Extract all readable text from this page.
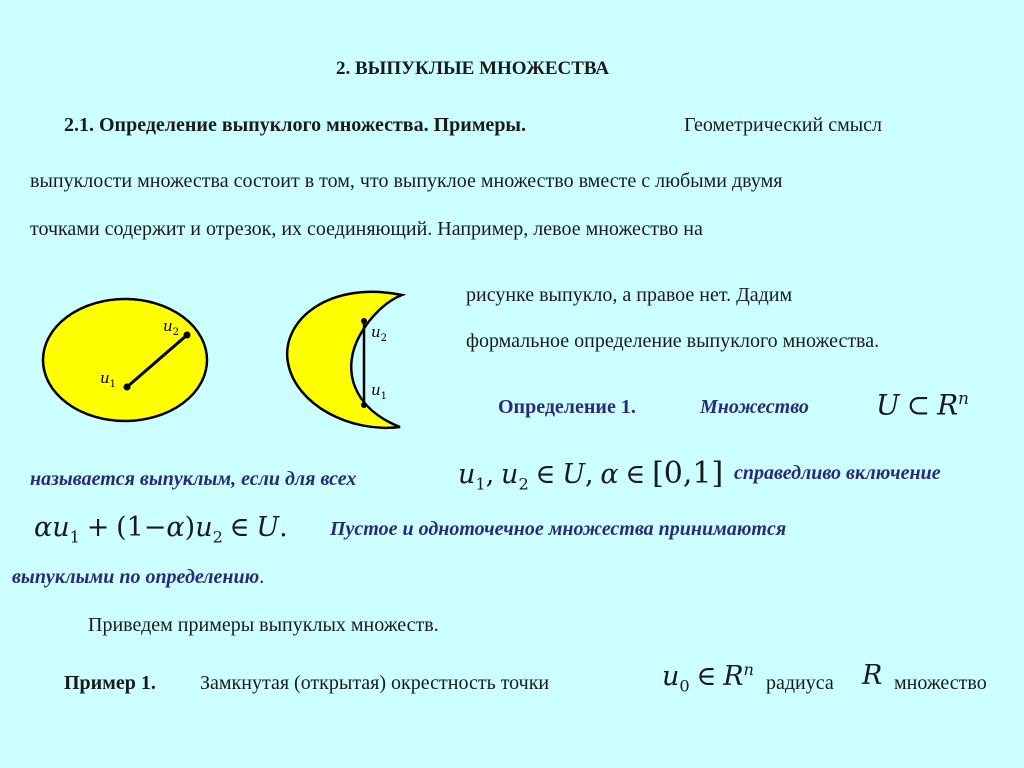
2. ВЫПУКЛЫЕ МНОЖЕСТВА
2.1. Определение выпуклого множества. Примеры.	Геометрический смысл
выпуклости множества состоит в том, что выпуклое множество вместе с любыми двумя
точками содержит и отрезок, их соединяющий. Например, левое множество на
рисунке выпукло, а правое нет. Дадим
формальное определение выпуклого множества.
$u_2$
$u_1$
$u_2$
$u_1$	Определение 1.	Множество U ⊂ $R^n$
называется выпуклым, если для всех	$u_1$, $u_2$ ∈ U, α ∈ [0,1] справедливо включение
$\alpha u_1 + (1-\alpha)u_2$ ∈ U. Пустое и одноточечное множества принимаются
выпуклыми по определению.
Приведем примеры выпуклых множеств.
Пример 1. Замкнутая (открытая) окрестность точки	$u_0$ ∈ $R^n$
радиуса R множество
